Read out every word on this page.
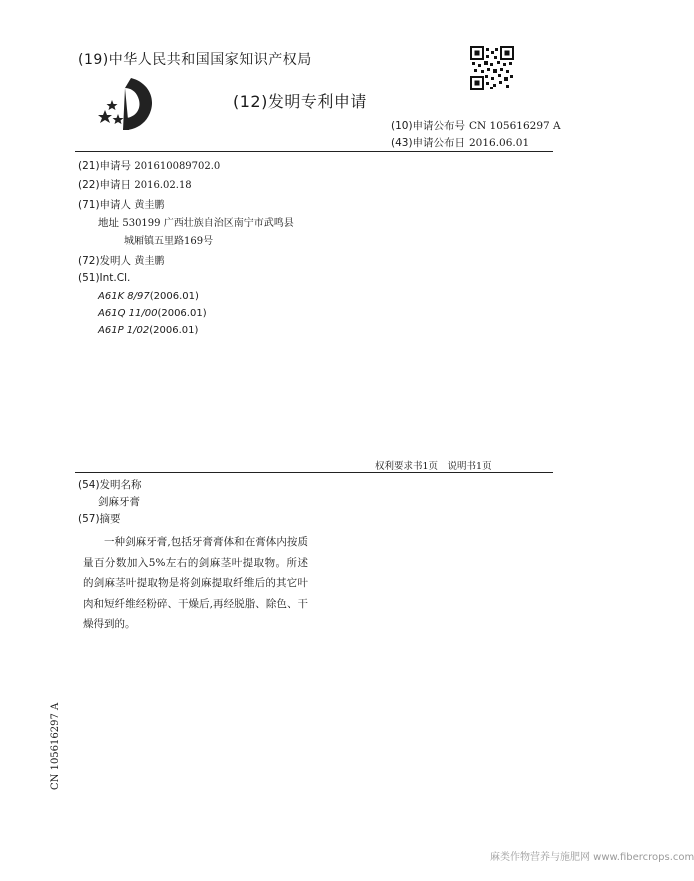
(19)中华人民共和国国家知识产权局
(12)发明专利申请
(10)申请公布号 CN 105616297 A
(43)申请公布日 2016.06.01
(21)申请号 201610089702.0
(22)申请日 2016.02.18
(71)申请人 黄圭鹏
地址 530199 广西壮族自治区南宁市武鸣县
城厢镇五里路169号
(72)发明人 黄圭鹏
(51)Int.Cl.
A61K 8/97(2006.01)
A61Q 11/00(2006.01)
A61P 1/02(2006.01)
权利要求书1页　说明书1页
(54)发明名称
剑麻牙膏
(57)摘要
一种剑麻牙膏,包括牙膏膏体和在膏体内按质量百分数加入5%左右的剑麻茎叶提取物。所述的剑麻茎叶提取物是将剑麻提取纤维后的其它叶肉和短纤维经粉碎、干燥后,再经脱脂、除色、干燥得到的。
CN 105616297 A
麻类作物营养与施肥网 www.fibercrops.com
